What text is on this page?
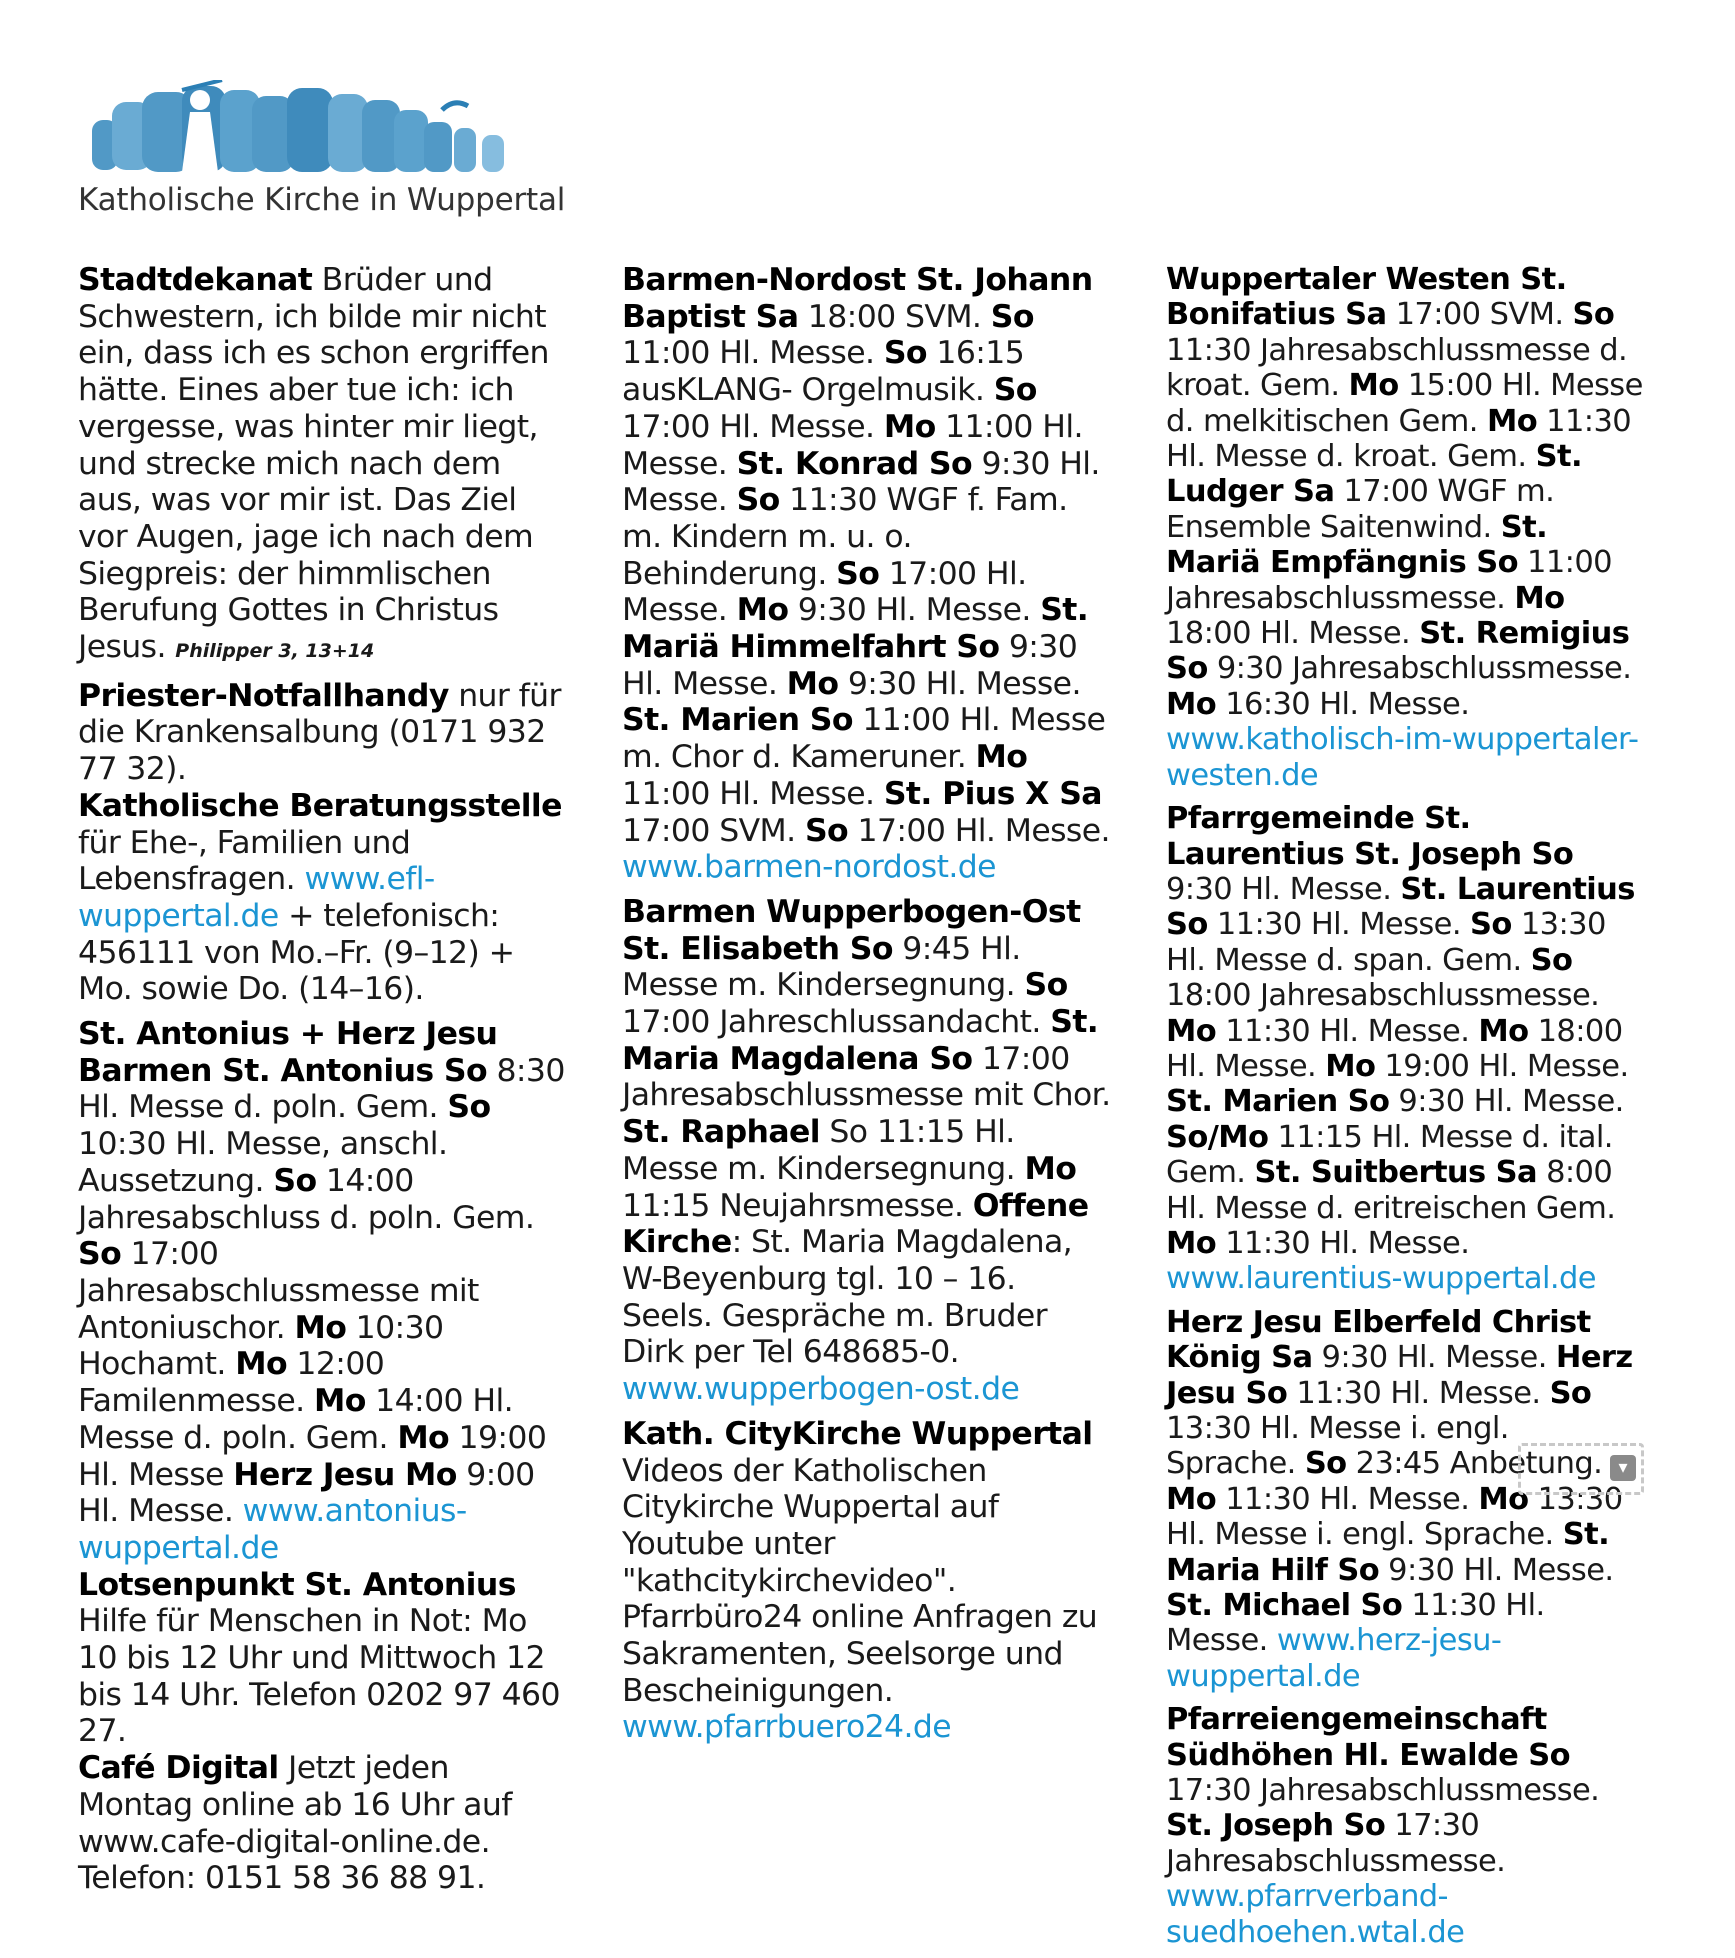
Katholische Kirche in Wuppertal

Stadtdekanat Brüder und Schwestern, ich bilde mir nicht ein, dass ich es schon ergriffen hätte. Eines aber tue ich: ich vergesse, was hinter mir liegt, und strecke mich nach dem aus, was vor mir ist. Das Ziel vor Augen, jage ich nach dem Siegpreis: der himmlischen Berufung Gottes in Christus Jesus. Philipper 3, 13+14

Priester-Notfallhandy nur für die Krankensalbung (0171 932 77 32).

Katholische Beratungsstelle für Ehe-, Familien und Lebensfragen. www.efl-wuppertal.de + telefonisch: 456111 von Mo.–Fr. (9–12) + Mo. sowie Do. (14–16).

St. Antonius + Herz Jesu Barmen St. Antonius So 8:30 Hl. Messe d. poln. Gem. So 10:30 Hl. Messe, anschl. Aussetzung. So 14:00 Jahresabschluss d. poln. Gem. So 17:00 Jahresabschlussmesse mit Antoniuschor. Mo 10:30 Hochamt. Mo 12:00 Familenmesse. Mo 14:00 Hl. Messe d. poln. Gem. Mo 19:00 Hl. Messe Herz Jesu Mo 9:00 Hl. Messe. www.antonius-wuppertal.de

Lotsenpunkt St. Antonius Hilfe für Menschen in Not: Mo 10 bis 12 Uhr und Mittwoch 12 bis 14 Uhr. Telefon 0202 97 460 27.

Café Digital Jetzt jeden Montag online ab 16 Uhr auf www.cafe-digital-online.de. Telefon: 0151 58 36 88 91.

Barmen-Nordost St. Johann Baptist Sa 18:00 SVM. So 11:00 Hl. Messe. So 16:15 ausKLANG- Orgelmusik. So 17:00 Hl. Messe. Mo 11:00 Hl. Messe. St. Konrad So 9:30 Hl. Messe. So 11:30 WGF f. Fam. m. Kindern m. u. o. Behinderung. So 17:00 Hl. Messe. Mo 9:30 Hl. Messe. St. Mariä Himmelfahrt So 9:30 Hl. Messe. Mo 9:30 Hl. Messe. St. Marien So 11:00 Hl. Messe m. Chor d. Kameruner. Mo 11:00 Hl. Messe. St. Pius X Sa 17:00 SVM. So 17:00 Hl. Messe. www.barmen-nordost.de

Barmen Wupperbogen-Ost St. Elisabeth So 9:45 Hl. Messe m. Kindersegnung. So 17:00 Jahreschlussandacht. St. Maria Magdalena So 17:00 Jahresabschlussmesse mit Chor. St. Raphael So 11:15 Hl. Messe m. Kindersegnung. Mo 11:15 Neujahrsmesse. Offene Kirche: St. Maria Magdalena, W-Beyenburg tgl. 10 – 16. Seels. Gespräche m. Bruder Dirk per Tel 648685-0. www.wupperbogen-ost.de

Kath. CityKirche Wuppertal Videos der Katholischen Citykirche Wuppertal auf Youtube unter "kathcitykirchevideo". Pfarrbüro24 online Anfragen zu Sakramenten, Seelsorge und Bescheinigungen. www.pfarrbuero24.de

Wuppertaler Westen St. Bonifatius Sa 17:00 SVM. So 11:30 Jahresabschlussmesse d. kroat. Gem. Mo 15:00 Hl. Messe d. melkitischen Gem. Mo 11:30 Hl. Messe d. kroat. Gem. St. Ludger Sa 17:00 WGF m. Ensemble Saitenwind. St. Mariä Empfängnis So 11:00 Jahresabschlussmesse. Mo 18:00 Hl. Messe. St. Remigius So 9:30 Jahresabschlussmesse. Mo 16:30 Hl. Messe. www.katholisch-im-wuppertaler-westen.de

Pfarrgemeinde St. Laurentius St. Joseph So 9:30 Hl. Messe. St. Laurentius So 11:30 Hl. Messe. So 13:30 Hl. Messe d. span. Gem. So 18:00 Jahresabschlussmesse. Mo 11:30 Hl. Messe. Mo 18:00 Hl. Messe. Mo 19:00 Hl. Messe. St. Marien So 9:30 Hl. Messe. So/Mo 11:15 Hl. Messe d. ital. Gem. St. Suitbertus Sa 8:00 Hl. Messe d. eritreischen Gem. Mo 11:30 Hl. Messe. www.laurentius-wuppertal.de

Herz Jesu Elberfeld Christ König Sa 9:30 Hl. Messe. Herz Jesu So 11:30 Hl. Messe. So 13:30 Hl. Messe i. engl. Sprache. So 23:45 Anbetung. Mo 11:30 Hl. Messe. Mo 13:30 Hl. Messe i. engl. Sprache. St. Maria Hilf So 9:30 Hl. Messe. St. Michael So 11:30 Hl. Messe. www.herz-jesu-wuppertal.de

Pfarreiengemeinschaft Südhöhen Hl. Ewalde So 17:30 Jahresabschlussmesse. St. Joseph So 17:30 Jahresabschlussmesse. www.pfarrverband-suedhoehen.wtal.de

▾
